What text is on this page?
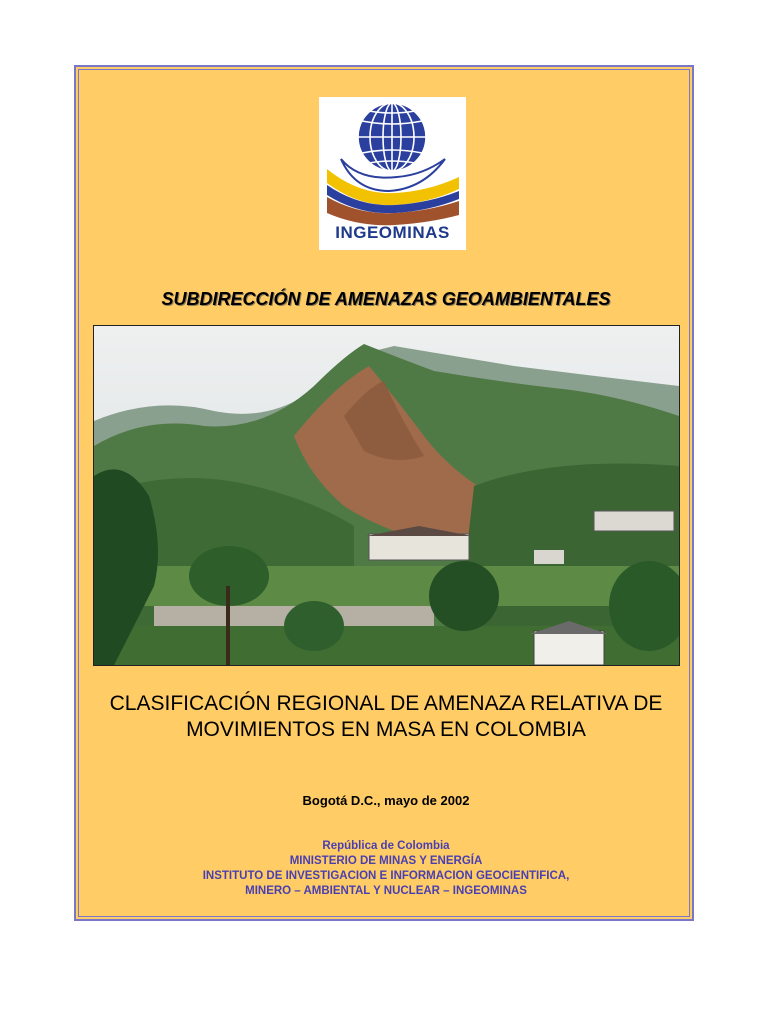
INGEOMINAS
SUBDIRECCIÓN DE AMENAZAS GEOAMBIENTALES
CLASIFICACIÓN REGIONAL DE AMENAZA RELATIVA DE
MOVIMIENTOS EN MASA EN COLOMBIA
Bogotá D.C., mayo de 2002
República de Colombia
MINISTERIO DE MINAS Y ENERGÍA
INSTITUTO DE INVESTIGACION E INFORMACION GEOCIENTIFICA,
MINERO – AMBIENTAL Y NUCLEAR – INGEOMINAS
